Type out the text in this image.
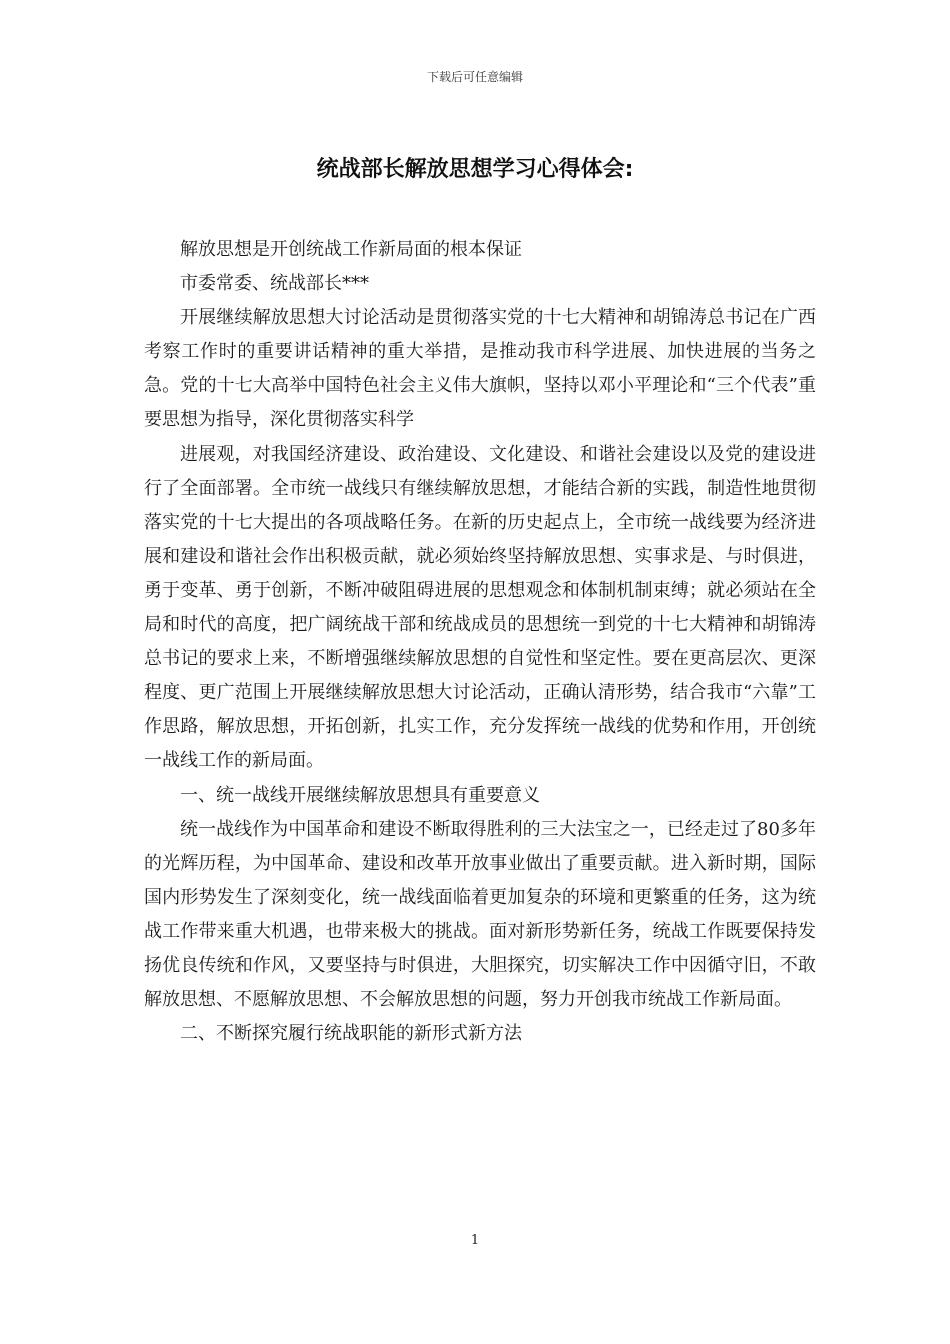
下载后可任意编辑
统战部长解放思想学习心得体会:

解放思想是开创统战工作新局面的根本保证

市委常委、统战部长***

开展继续解放思想大讨论活动是贯彻落实党的十七大精神和胡锦涛总书记在广西考察工作时的重要讲话精神的重大举措，是推动我市科学进展、加快进展的当务之急。党的十七大高举中国特色社会主义伟大旗帜，坚持以邓小平理论和“三个代表”重要思想为指导，深化贯彻落实科学

进展观，对我国经济建设、政治建设、文化建设、和谐社会建设以及党的建设进行了全面部署。全市统一战线只有继续解放思想，才能结合新的实践，制造性地贯彻落实党的十七大提出的各项战略任务。在新的历史起点上，全市统一战线要为经济进展和建设和谐社会作出积极贡献，就必须始终坚持解放思想、实事求是、与时俱进，勇于变革、勇于创新，不断冲破阻碍进展的思想观念和体制机制束缚；就必须站在全局和时代的高度，把广阔统战干部和统战成员的思想统一到党的十七大精神和胡锦涛总书记的要求上来，不断增强继续解放思想的自觉性和坚定性。要在更高层次、更深程度、更广范围上开展继续解放思想大讨论活动，正确认清形势，结合我市“六靠”工作思路，解放思想，开拓创新，扎实工作，充分发挥统一战线的优势和作用，开创统一战线工作的新局面。

一、统一战线开展继续解放思想具有重要意义

统一战线作为中国革命和建设不断取得胜利的三大法宝之一，已经走过了80多年的光辉历程，为中国革命、建设和改革开放事业做出了重要贡献。进入新时期，国际国内形势发生了深刻变化，统一战线面临着更加复杂的环境和更繁重的任务，这为统战工作带来重大机遇，也带来极大的挑战。面对新形势新任务，统战工作既要保持发扬优良传统和作风，又要坚持与时俱进，大胆探究，切实解决工作中因循守旧，不敢解放思想、不愿解放思想、不会解放思想的问题，努力开创我市统战工作新局面。

二、不断探究履行统战职能的新形式新方法

1
